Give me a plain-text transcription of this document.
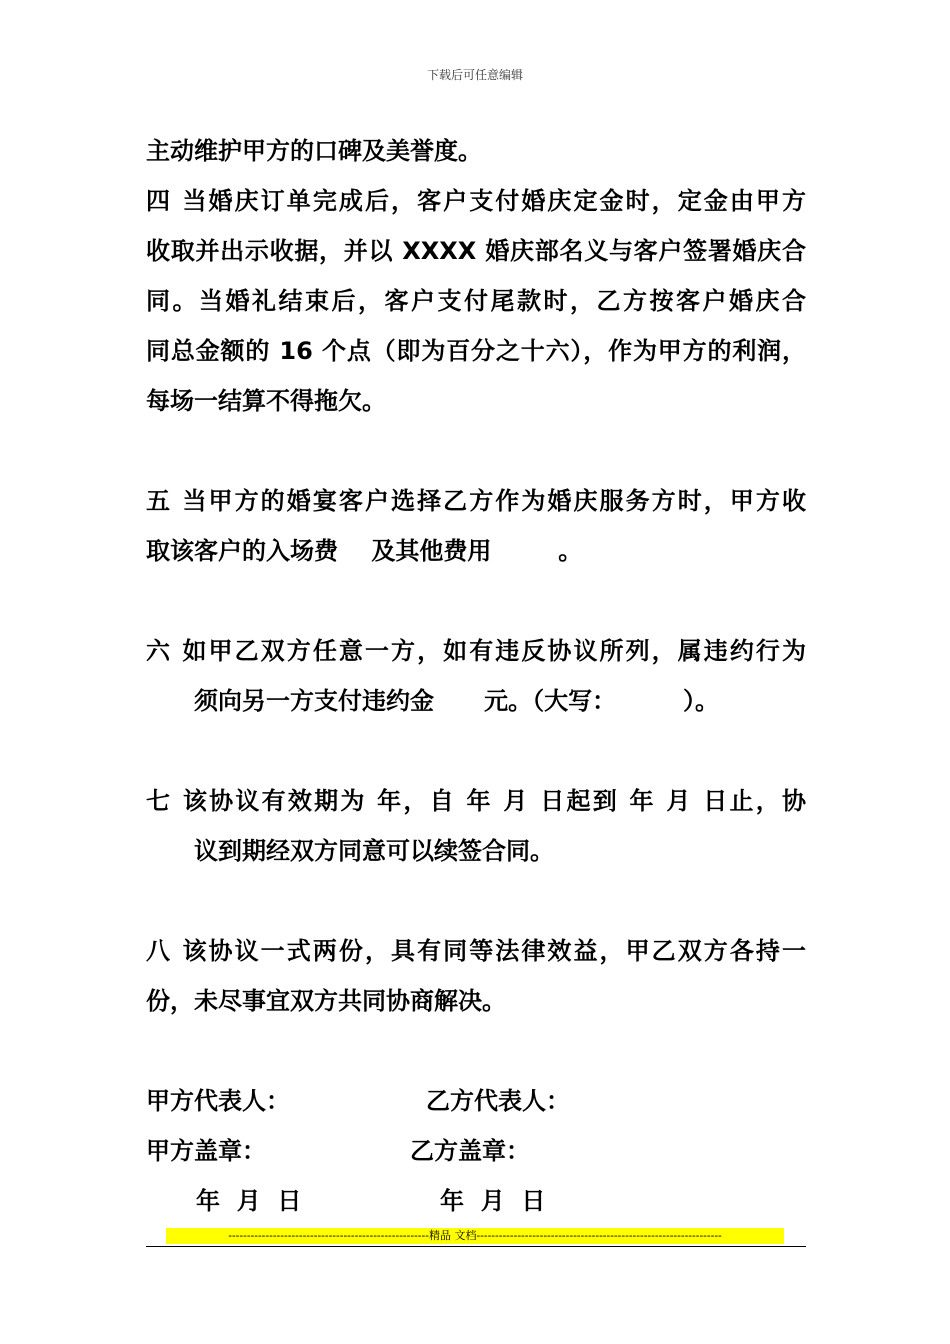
下载后可任意编辑
主动维护甲方的口碑及美誉度。
四 当婚庆订单完成后，客户支付婚庆定金时，定金由甲方
收取并出示收据，并以 XXXX 婚庆部名义与客户签署婚庆合
同。当婚礼结束后，客户支付尾款时，乙方按客户婚庆合
同总金额的 16 个点（即为百分之十六），作为甲方的利润，
每场一结算不得拖欠。
五 当甲方的婚宴客户选择乙方作为婚庆服务方时，甲方收
取该客户的入场费    及其他费用        。
六 如甲乙双方任意一方，如有违反协议所列，属违约行为
须向另一方支付违约金      元。（大写：        ）。
七 该协议有效期为 年，自 年 月 日起到 年 月 日止，协
议到期经双方同意可以续签合同。
八 该协议一式两份，具有同等法律效益，甲乙双方各持一
份，未尽事宜双方共同协商解决。
甲方代表人：	乙方代表人：
甲方盖章：	乙方盖章：
年  月  日	年  月  日
------------------------------------------------------精品 文档------------------------------------------------------------------
